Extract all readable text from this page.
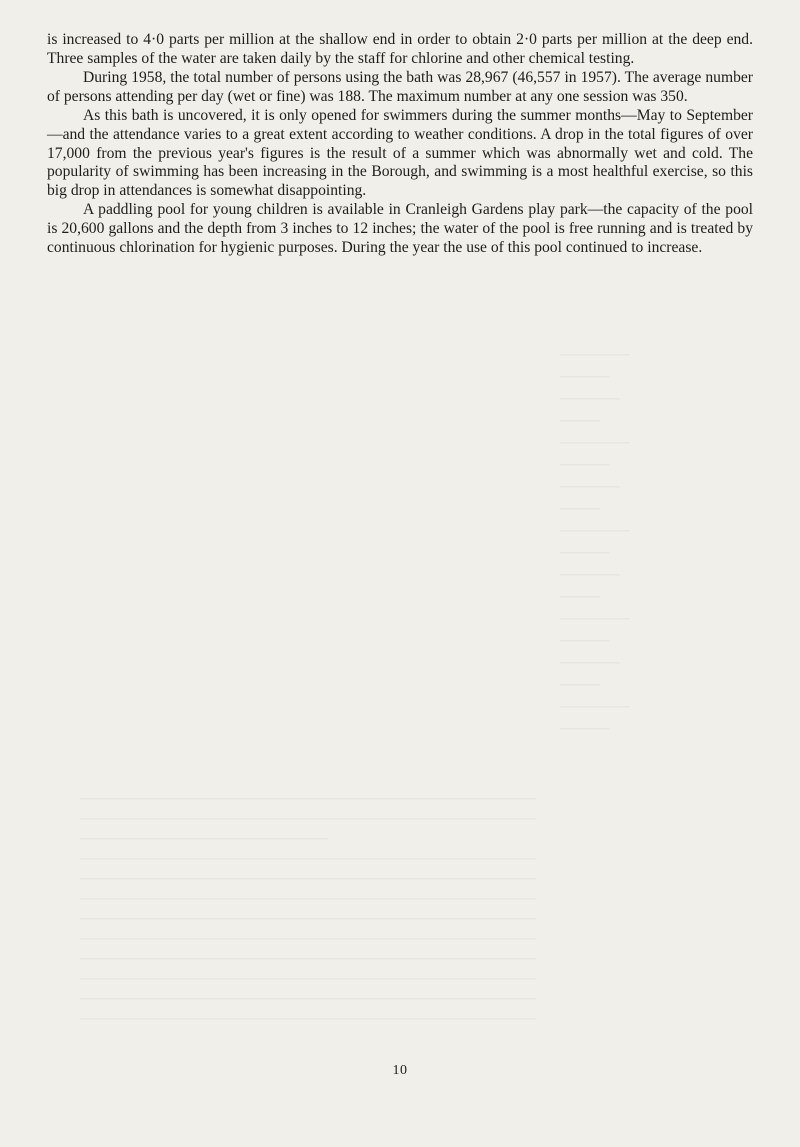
───────
─────
──────
────
───────
─────
──────
────
───────
─────
──────
────
───────
─────
──────
────
───────
─────
──────────────────────────────────────────────
──────────────────────────────────────────────
─────────────────────────
──────────────────────────────────────────────
──────────────────────────────────────────────
──────────────────────────────────────────────
──────────────────────────────────────────────
──────────────────────────────────────────────
──────────────────────────────────────────────
──────────────────────────────────────────────
──────────────────────────────────────────────
──────────────────────────────────────────────

is increased to 4·0 parts per million at the shallow end in order to obtain 2·0 parts per million at the deep end. Three samples of the water are taken daily by the staff for chlorine and other chemical testing.

During 1958, the total number of persons using the bath was 28,967 (46,557 in 1957). The average number of persons attending per day (wet or fine) was 188. The maximum number at any one session was 350.

As this bath is uncovered, it is only opened for swimmers during the summer months—May to September—and the attendance varies to a great extent according to weather conditions. A drop in the total figures of over 17,000 from the previous year's figures is the result of a summer which was abnormally wet and cold. The popularity of swimming has been increasing in the Borough, and swimming is a most healthful exercise, so this big drop in attendances is somewhat disappointing.

A paddling pool for young children is available in Cranleigh Gardens play park—the capacity of the pool is 20,600 gallons and the depth from 3 inches to 12 inches; the water of the pool is free running and is treated by continuous chlorination for hygienic purposes. During the year the use of this pool continued to increase.

10
